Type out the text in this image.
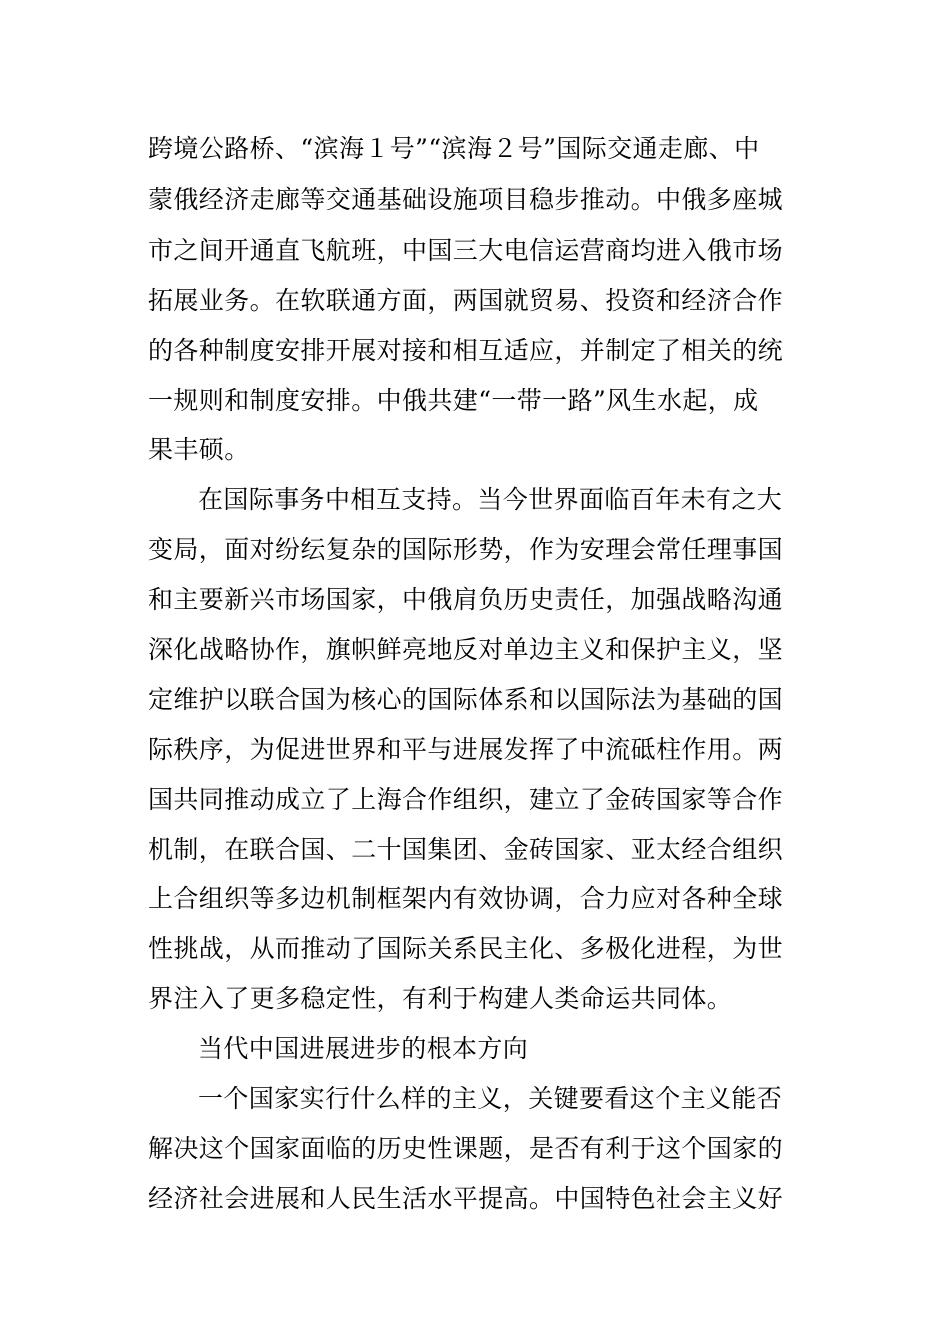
跨境公路桥、“滨海１号”“滨海２号”国际交通走廊、中
蒙俄经济走廊等交通基础设施项目稳步推动。中俄多座城
市之间开通直飞航班，中国三大电信运营商均进入俄市场
拓展业务。在软联通方面，两国就贸易、投资和经济合作
的各种制度安排开展对接和相互适应，并制定了相关的统
一规则和制度安排。中俄共建“一带一路”风生水起，成
果丰硕。
在国际事务中相互支持。当今世界面临百年未有之大
变局，面对纷纭复杂的国际形势，作为安理会常任理事国
和主要新兴市场国家，中俄肩负历史责任，加强战略沟通
深化战略协作，旗帜鲜亮地反对单边主义和保护主义，坚
定维护以联合国为核心的国际体系和以国际法为基础的国
际秩序，为促进世界和平与进展发挥了中流砥柱作用。两
国共同推动成立了上海合作组织，建立了金砖国家等合作
机制，在联合国、二十国集团、金砖国家、亚太经合组织
上合组织等多边机制框架内有效协调，合力应对各种全球
性挑战，从而推动了国际关系民主化、多极化进程，为世
界注入了更多稳定性，有利于构建人类命运共同体。
当代中国进展进步的根本方向
一个国家实行什么样的主义，关键要看这个主义能否
解决这个国家面临的历史性课题，是否有利于这个国家的
经济社会进展和人民生活水平提高。中国特色社会主义好
